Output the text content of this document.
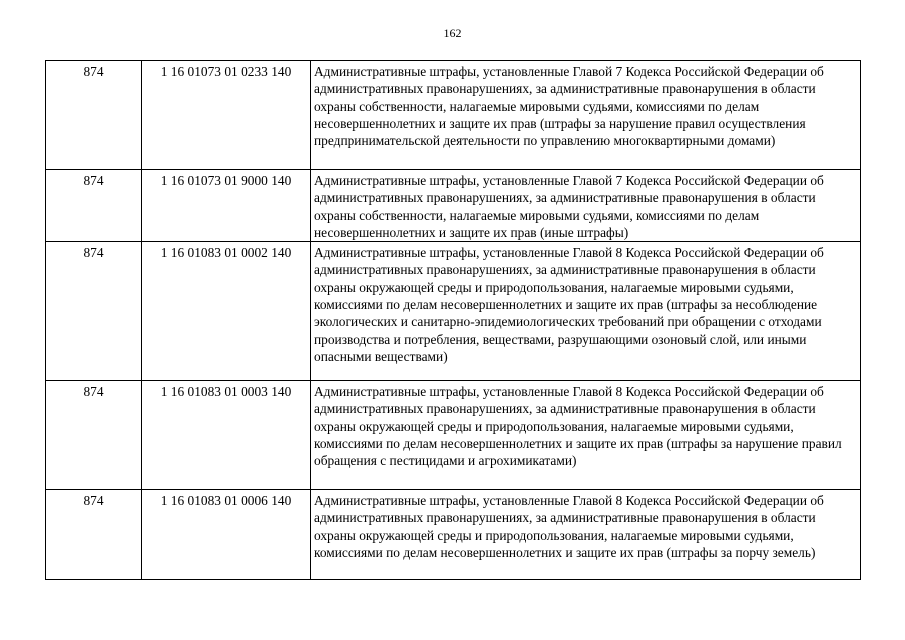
162
874	1 16 01073 01 0233 140	Административные штрафы, установленные Главой 7 Кодекса Российской Федерации об административных правонарушениях, за административные правонарушения в области охраны собственности, налагаемые мировыми судьями, комиссиями по делам несовершеннолетних и защите их прав (штрафы за нарушение правил осуществления предпринимательской деятельности по управлению многоквартирными домами)
874	1 16 01073 01 9000 140	Административные штрафы, установленные Главой 7 Кодекса Российской Федерации об административных правонарушениях, за административные правонарушения в области охраны собственности, налагаемые мировыми судьями, комиссиями по делам несовершеннолетних и защите их прав (иные штрафы)
874	1 16 01083 01 0002 140	Административные штрафы, установленные Главой 8 Кодекса Российской Федерации об административных правонарушениях, за административные правонарушения в области охраны окружающей среды и природопользования, налагаемые мировыми судьями, комиссиями по делам несовершеннолетних и защите их прав (штрафы за несоблюдение экологических и санитарно-эпидемиологических требований при обращении с отходами производства и потребления, веществами, разрушающими озоновый слой, или иными опасными веществами)
874	1 16 01083 01 0003 140	Административные штрафы, установленные Главой 8 Кодекса Российской Федерации об административных правонарушениях, за административные правонарушения в области охраны окружающей среды и природопользования, налагаемые мировыми судьями, комиссиями по делам несовершеннолетних и защите их прав (штрафы за нарушение правил обращения с пестицидами и агрохимикатами)
874	1 16 01083 01 0006 140	Административные штрафы, установленные Главой 8 Кодекса Российской Федерации об административных правонарушениях, за административные правонарушения в области охраны окружающей среды и природопользования, налагаемые мировыми судьями, комиссиями по делам несовершеннолетних и защите их прав (штрафы за порчу земель)
